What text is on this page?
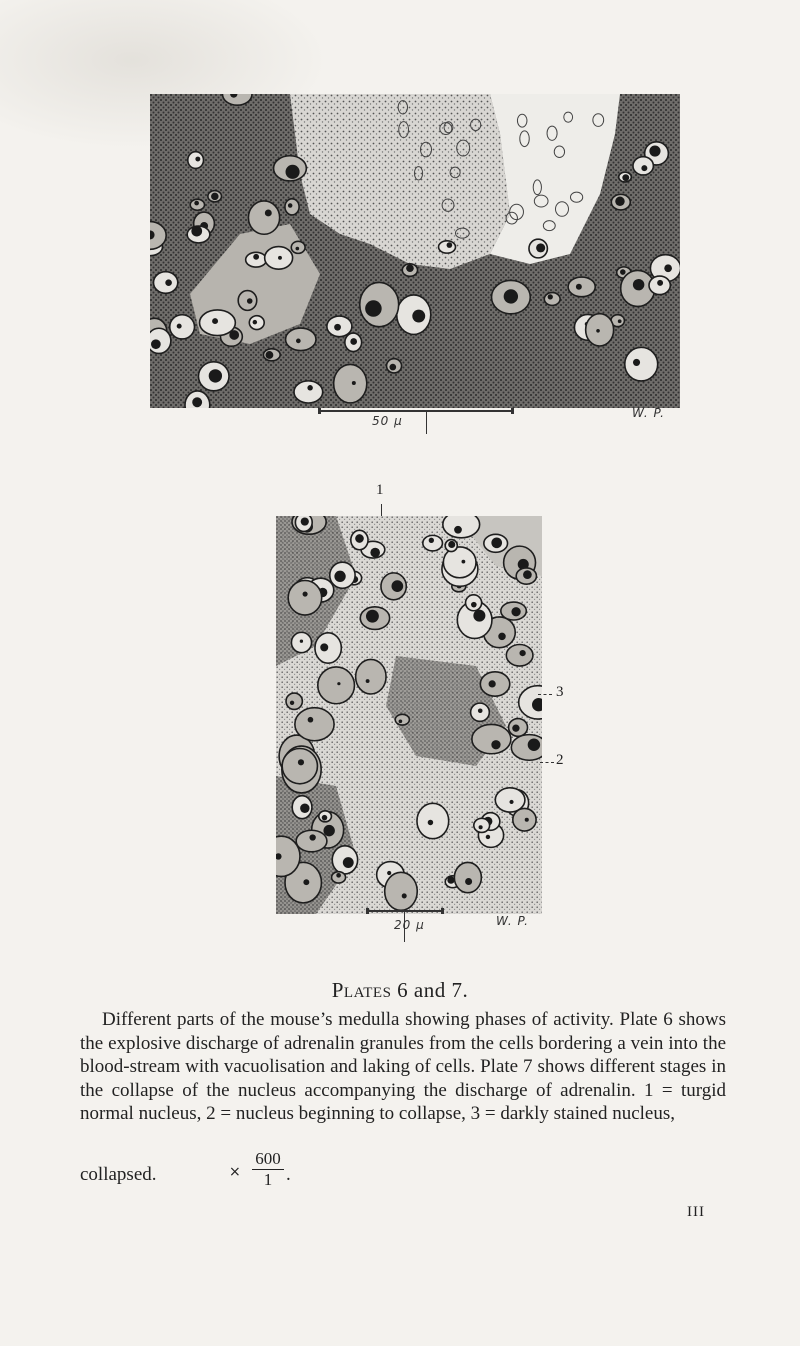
50 μ
W. P.
1
3
2
20 μ	W. P.
Plates 6 and 7.

Different parts of the mouse’s medulla showing phases of activity. Plate 6 shows the explosive discharge of adrenalin granules from the cells bordering a vein into the blood-stream with vacuolisation and laking of cells. Plate 7 shows different stages in the collapse of the nucleus accompanying the discharge of adrenalin. 1 = turgid normal nucleus, 2 = nucleus beginning to collapse, 3 = darkly stained nucleus,

collapsed.	×
600
1 .
III
